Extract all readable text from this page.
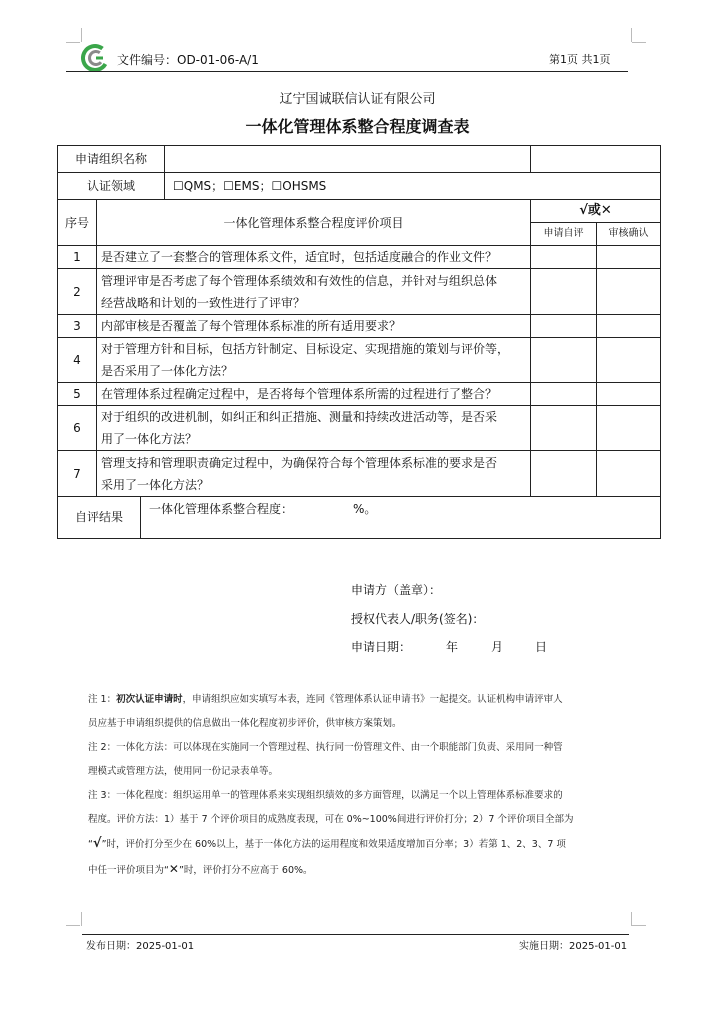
文件编号：OD-01-06-A/1	第1页 共1页
辽宁国诚联信认证有限公司
一体化管理体系整合程度调查表
申请组织名称			

认证领域 ☐QMS；☐EMS；☐OHSMS			

序号	一体化管理体系整合程度评价项目	√或✕	
		申请自评	审核确认
1	是否建立了一套整合的管理体系文件，适宜时，包括适度融合的作业文件？		
2	管理评审是否考虑了每个管理体系绩效和有效性的信息，并针对与组织总体
经营战略和计划的一致性进行了评审？		

3	内部审核是否覆盖了每个管理体系标准的所有适用要求？		
4	对于管理方针和目标，包括方针制定、目标设定、实现措施的策划与评价等，
是否采用了一体化方法？		

5	在管理体系过程确定过程中，是否将每个管理体系所需的过程进行了整合？		
6	对于组织的改进机制，如纠正和纠正措施、测量和持续改进活动等，是否采
用了一体化方法？		

7	管理支持和管理职责确定过程中，为确保符合每个管理体系标准的要求是否
采用了一体化方法？		

自评结果
一体化管理体系整合程度： %。			
申请方（盖章）：
授权代表人/职务(签名)：
申请日期：	年	月	日

注 1：初次认证申请时，申请组织应如实填写本表，连同《管理体系认证申请书》一起提交。认证机构申请评审人

员应基于申请组织提供的信息做出一体化程度初步评价，供审核方案策划。

注 2：一体化方法：可以体现在实施同一个管理过程、执行同一份管理文件、由一个职能部门负责、采用同一种管

理模式或管理方法，使用同一份记录表单等。

注 3：一体化程度：组织运用单一的管理体系来实现组织绩效的多方面管理，以满足一个以上管理体系标准要求的

程度。评价方法：1）基于 7 个评价项目的成熟度表现，可在 0%~100%间进行评价打分；2）7 个评价项目全部为

“√”时，评价打分至少在 60%以上，基于一体化方法的运用程度和效果适度增加百分率；3）若第 1、2、3、7 项

中任一评价项目为“✕”时，评价打分不应高于 60%。

发布日期：2025-01-01	实施日期：2025-01-01
